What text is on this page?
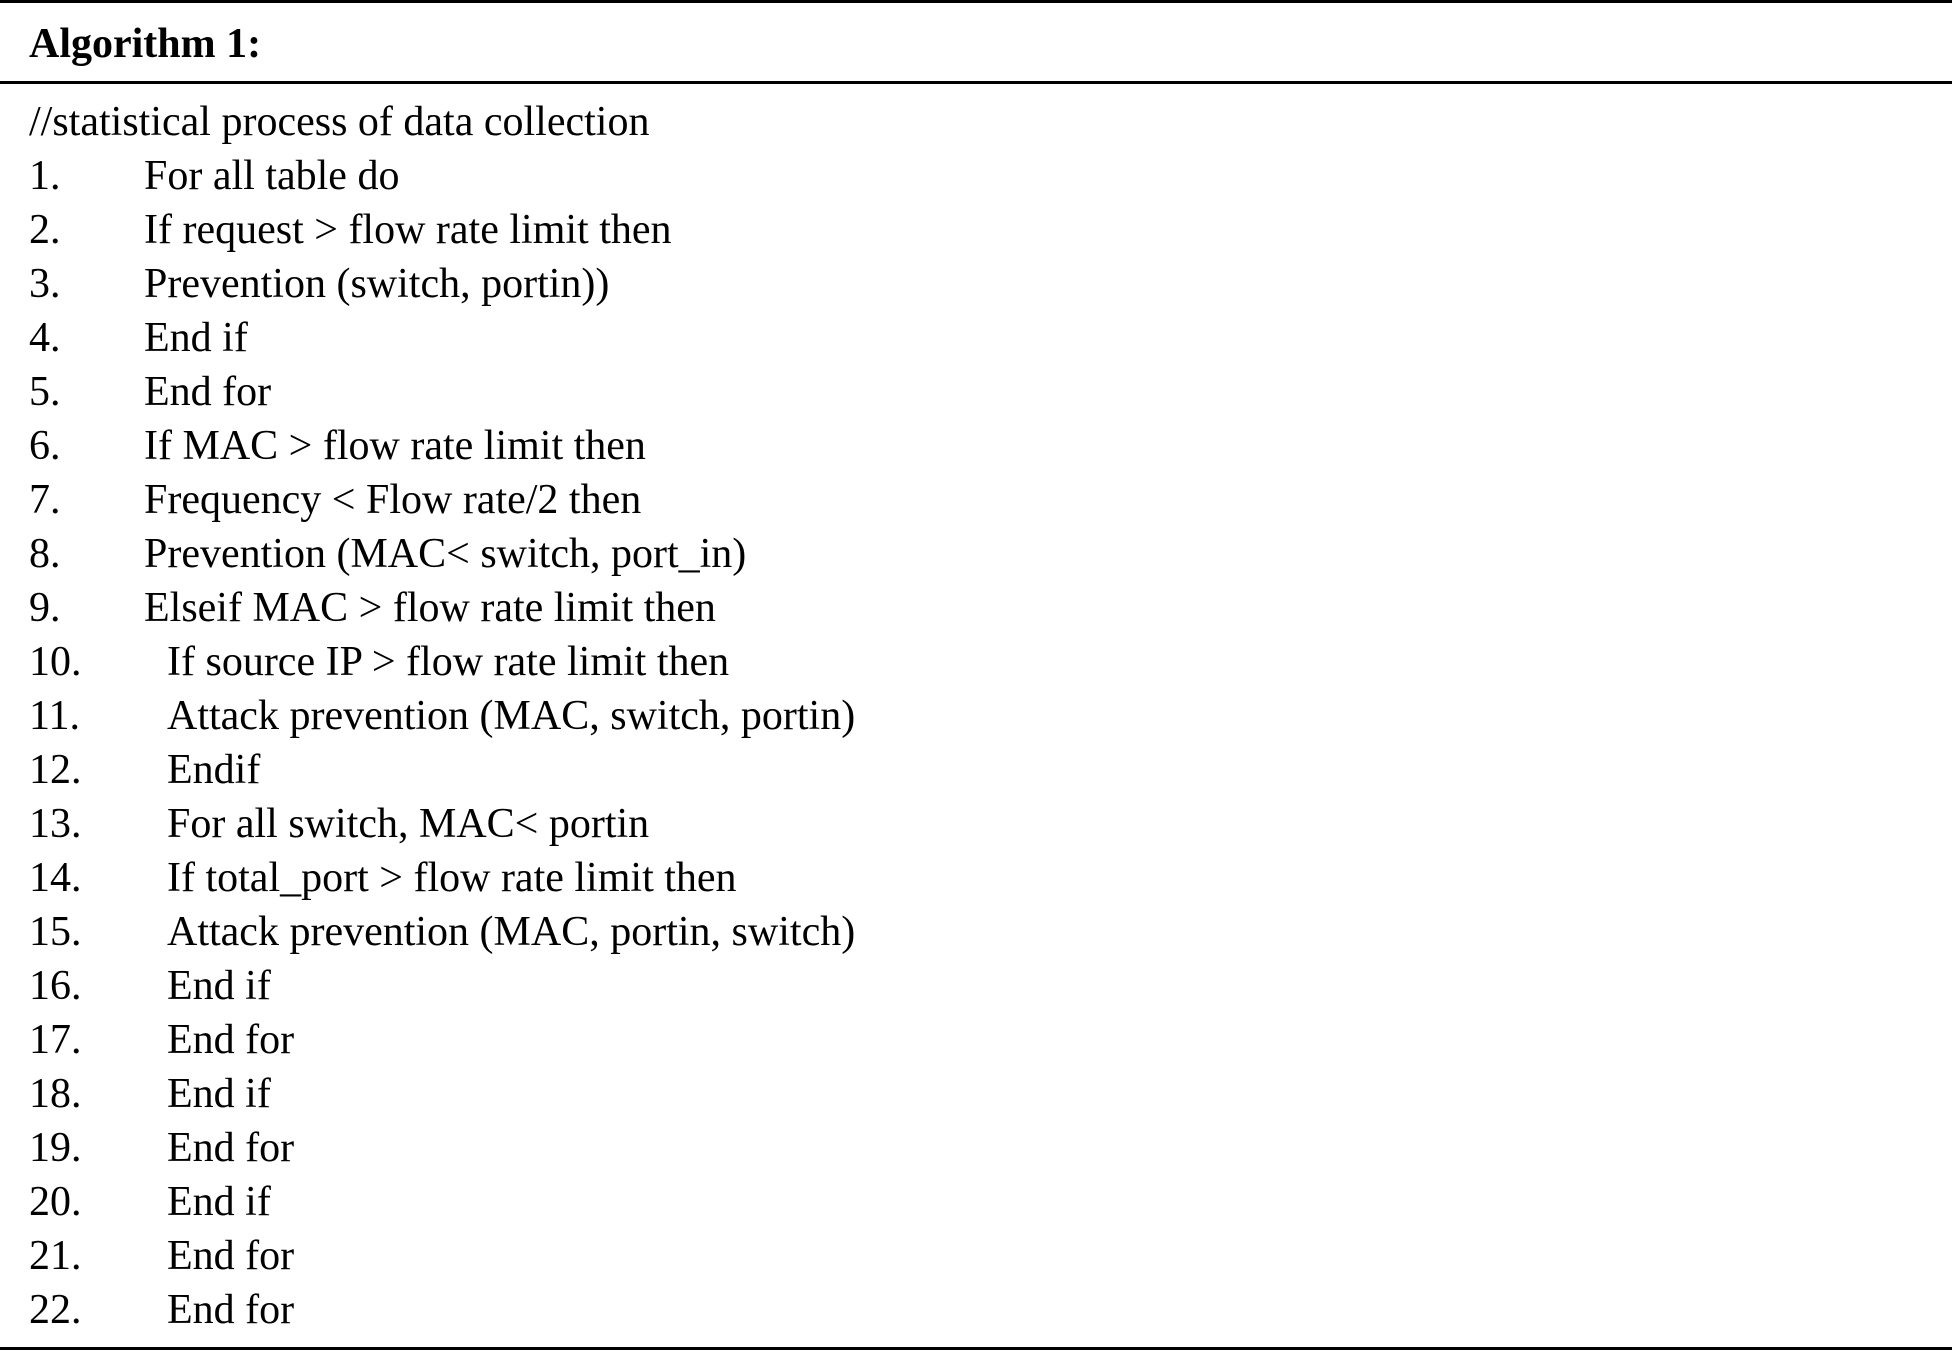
Algorithm 1:
//statistical process of data collection
1. For all table do
2. If request > flow rate limit then
3. Prevention (switch, portin))
4. End if
5. End for
6. If MAC > flow rate limit then
7. Frequency < Flow rate/2 then
8. Prevention (MAC< switch, port_in)
9. Elseif MAC > flow rate limit then
10. If source IP > flow rate limit then
11. Attack prevention (MAC, switch, portin)
12. Endif
13. For all switch, MAC< portin
14. If total_port > flow rate limit then
15. Attack prevention (MAC, portin, switch)
16. End if
17. End for
18. End if
19. End for
20. End if
21. End for
22. End for
